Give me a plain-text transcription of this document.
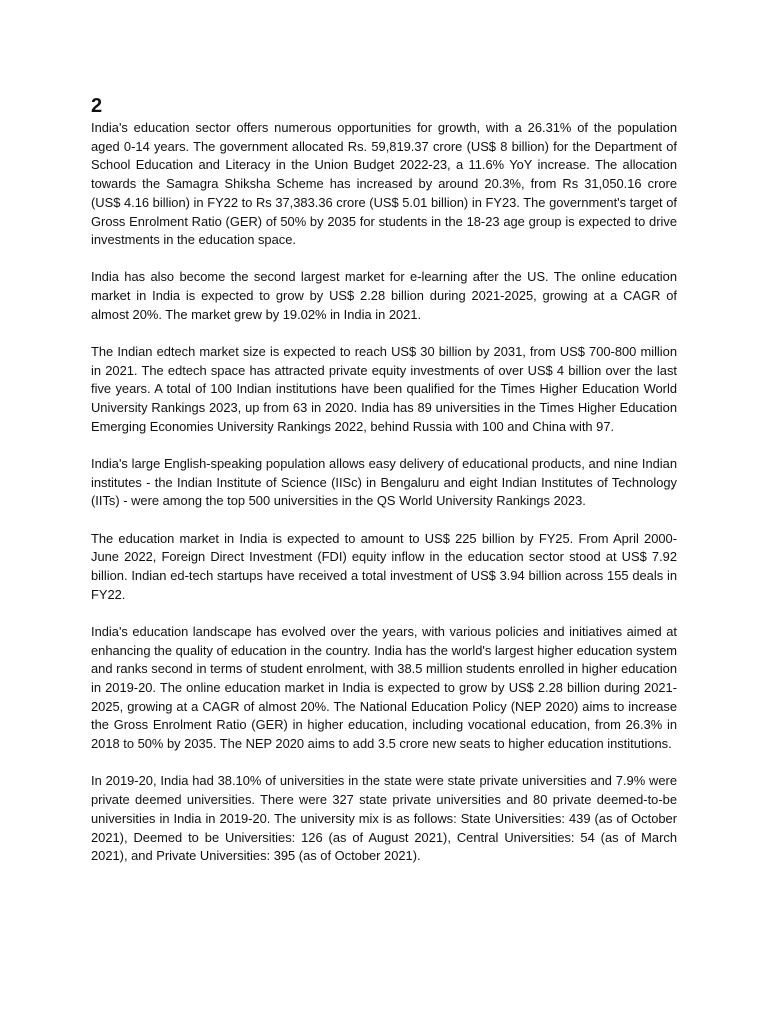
2

India's education sector offers numerous opportunities for growth, with a 26.31% of the population aged 0-14 years. The government allocated Rs. 59,819.37 crore (US$ 8 billion) for the Department of School Education and Literacy in the Union Budget 2022-23, a 11.6% YoY increase. The allocation towards the Samagra Shiksha Scheme has increased by around 20.3%, from Rs 31,050.16 crore (US$ 4.16 billion) in FY22 to Rs 37,383.36 crore (US$ 5.01 billion) in FY23. The government's target of Gross Enrolment Ratio (GER) of 50% by 2035 for students in the 18-23 age group is expected to drive investments in the education space.

India has also become the second largest market for e-learning after the US. The online education market in India is expected to grow by US$ 2.28 billion during 2021-2025, growing at a CAGR of almost 20%. The market grew by 19.02% in India in 2021.

The Indian edtech market size is expected to reach US$ 30 billion by 2031, from US$ 700-800 million in 2021. The edtech space has attracted private equity investments of over US$ 4 billion over the last five years. A total of 100 Indian institutions have been qualified for the Times Higher Education World University Rankings 2023, up from 63 in 2020. India has 89 universities in the Times Higher Education Emerging Economies University Rankings 2022, behind Russia with 100 and China with 97.

India's large English-speaking population allows easy delivery of educational products, and nine Indian institutes - the Indian Institute of Science (IISc) in Bengaluru and eight Indian Institutes of Technology (IITs) - were among the top 500 universities in the QS World University Rankings 2023.

The education market in India is expected to amount to US$ 225 billion by FY25. From April 2000-June 2022, Foreign Direct Investment (FDI) equity inflow in the education sector stood at US$ 7.92 billion. Indian ed-tech startups have received a total investment of US$ 3.94 billion across 155 deals in FY22.

India's education landscape has evolved over the years, with various policies and initiatives aimed at enhancing the quality of education in the country. India has the world's largest higher education system and ranks second in terms of student enrolment, with 38.5 million students enrolled in higher education in 2019-20. The online education market in India is expected to grow by US$ 2.28 billion during 2021-2025, growing at a CAGR of almost 20%. The National Education Policy (NEP 2020) aims to increase the Gross Enrolment Ratio (GER) in higher education, including vocational education, from 26.3% in 2018 to 50% by 2035. The NEP 2020 aims to add 3.5 crore new seats to higher education institutions.

In 2019-20, India had 38.10% of universities in the state were state private universities and 7.9% were private deemed universities. There were 327 state private universities and 80 private deemed-to-be universities in India in 2019-20. The university mix is as follows: State Universities: 439 (as of October 2021), Deemed to be Universities: 126 (as of August 2021), Central Universities: 54 (as of March 2021), and Private Universities: 395 (as of October 2021).
